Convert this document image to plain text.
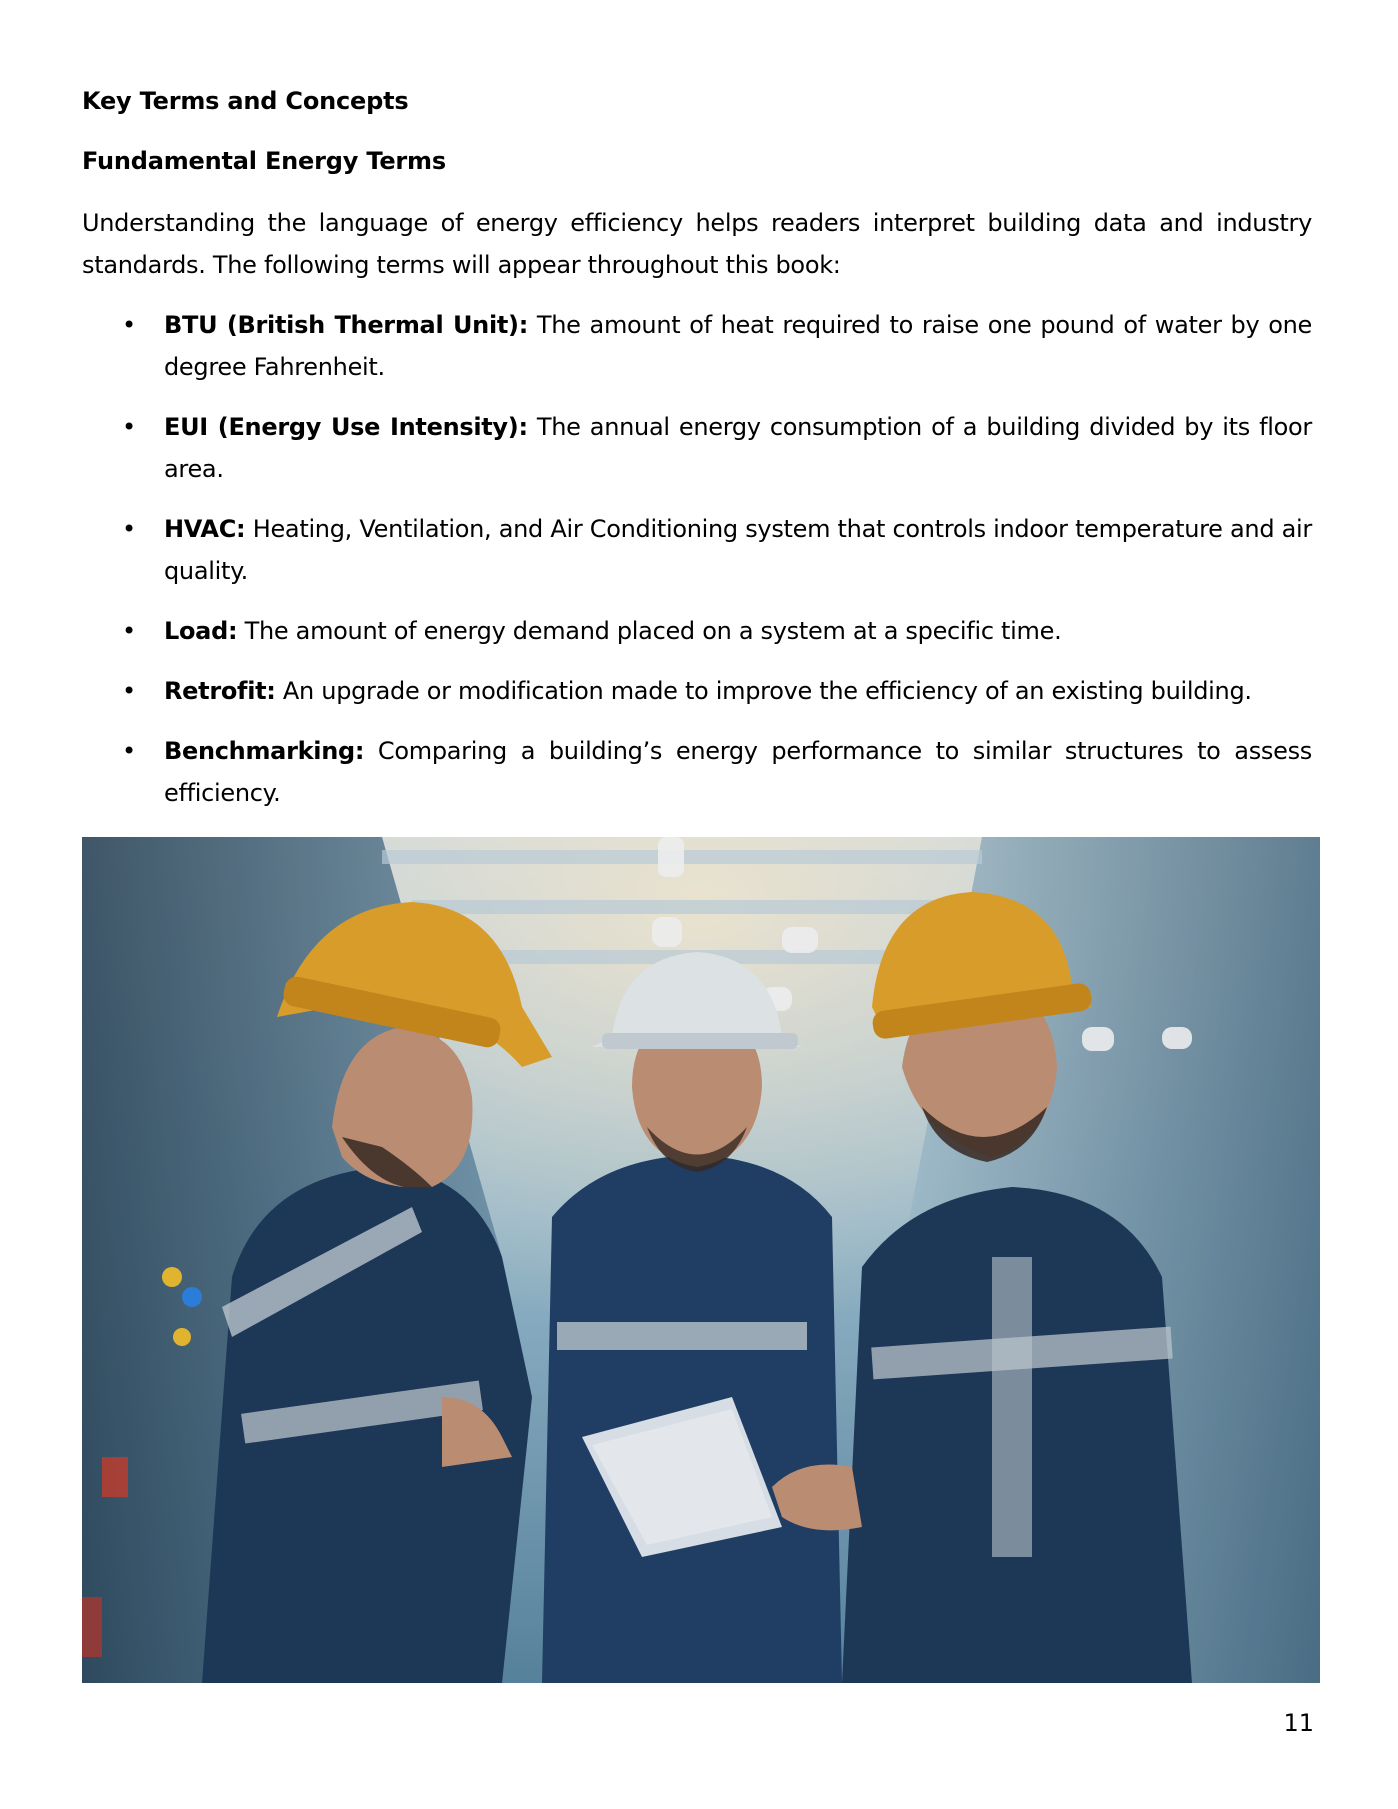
Key Terms and Concepts
Fundamental Energy Terms

Understanding the language of energy efficiency helps readers interpret building data and industry standards. The following terms will appear throughout this book:

• BTU (British Thermal Unit): The amount of heat required to raise one pound of water by one degree Fahrenheit.
• EUI (Energy Use Intensity): The annual energy consumption of a building divided by its floor area.
• HVAC: Heating, Ventilation, and Air Conditioning system that controls indoor temperature and air quality.
• Load: The amount of energy demand placed on a system at a specific time.
• Retrofit: An upgrade or modification made to improve the efficiency of an existing building.
• Benchmarking: Comparing a building’s energy performance to similar structures to assess efficiency.
11
